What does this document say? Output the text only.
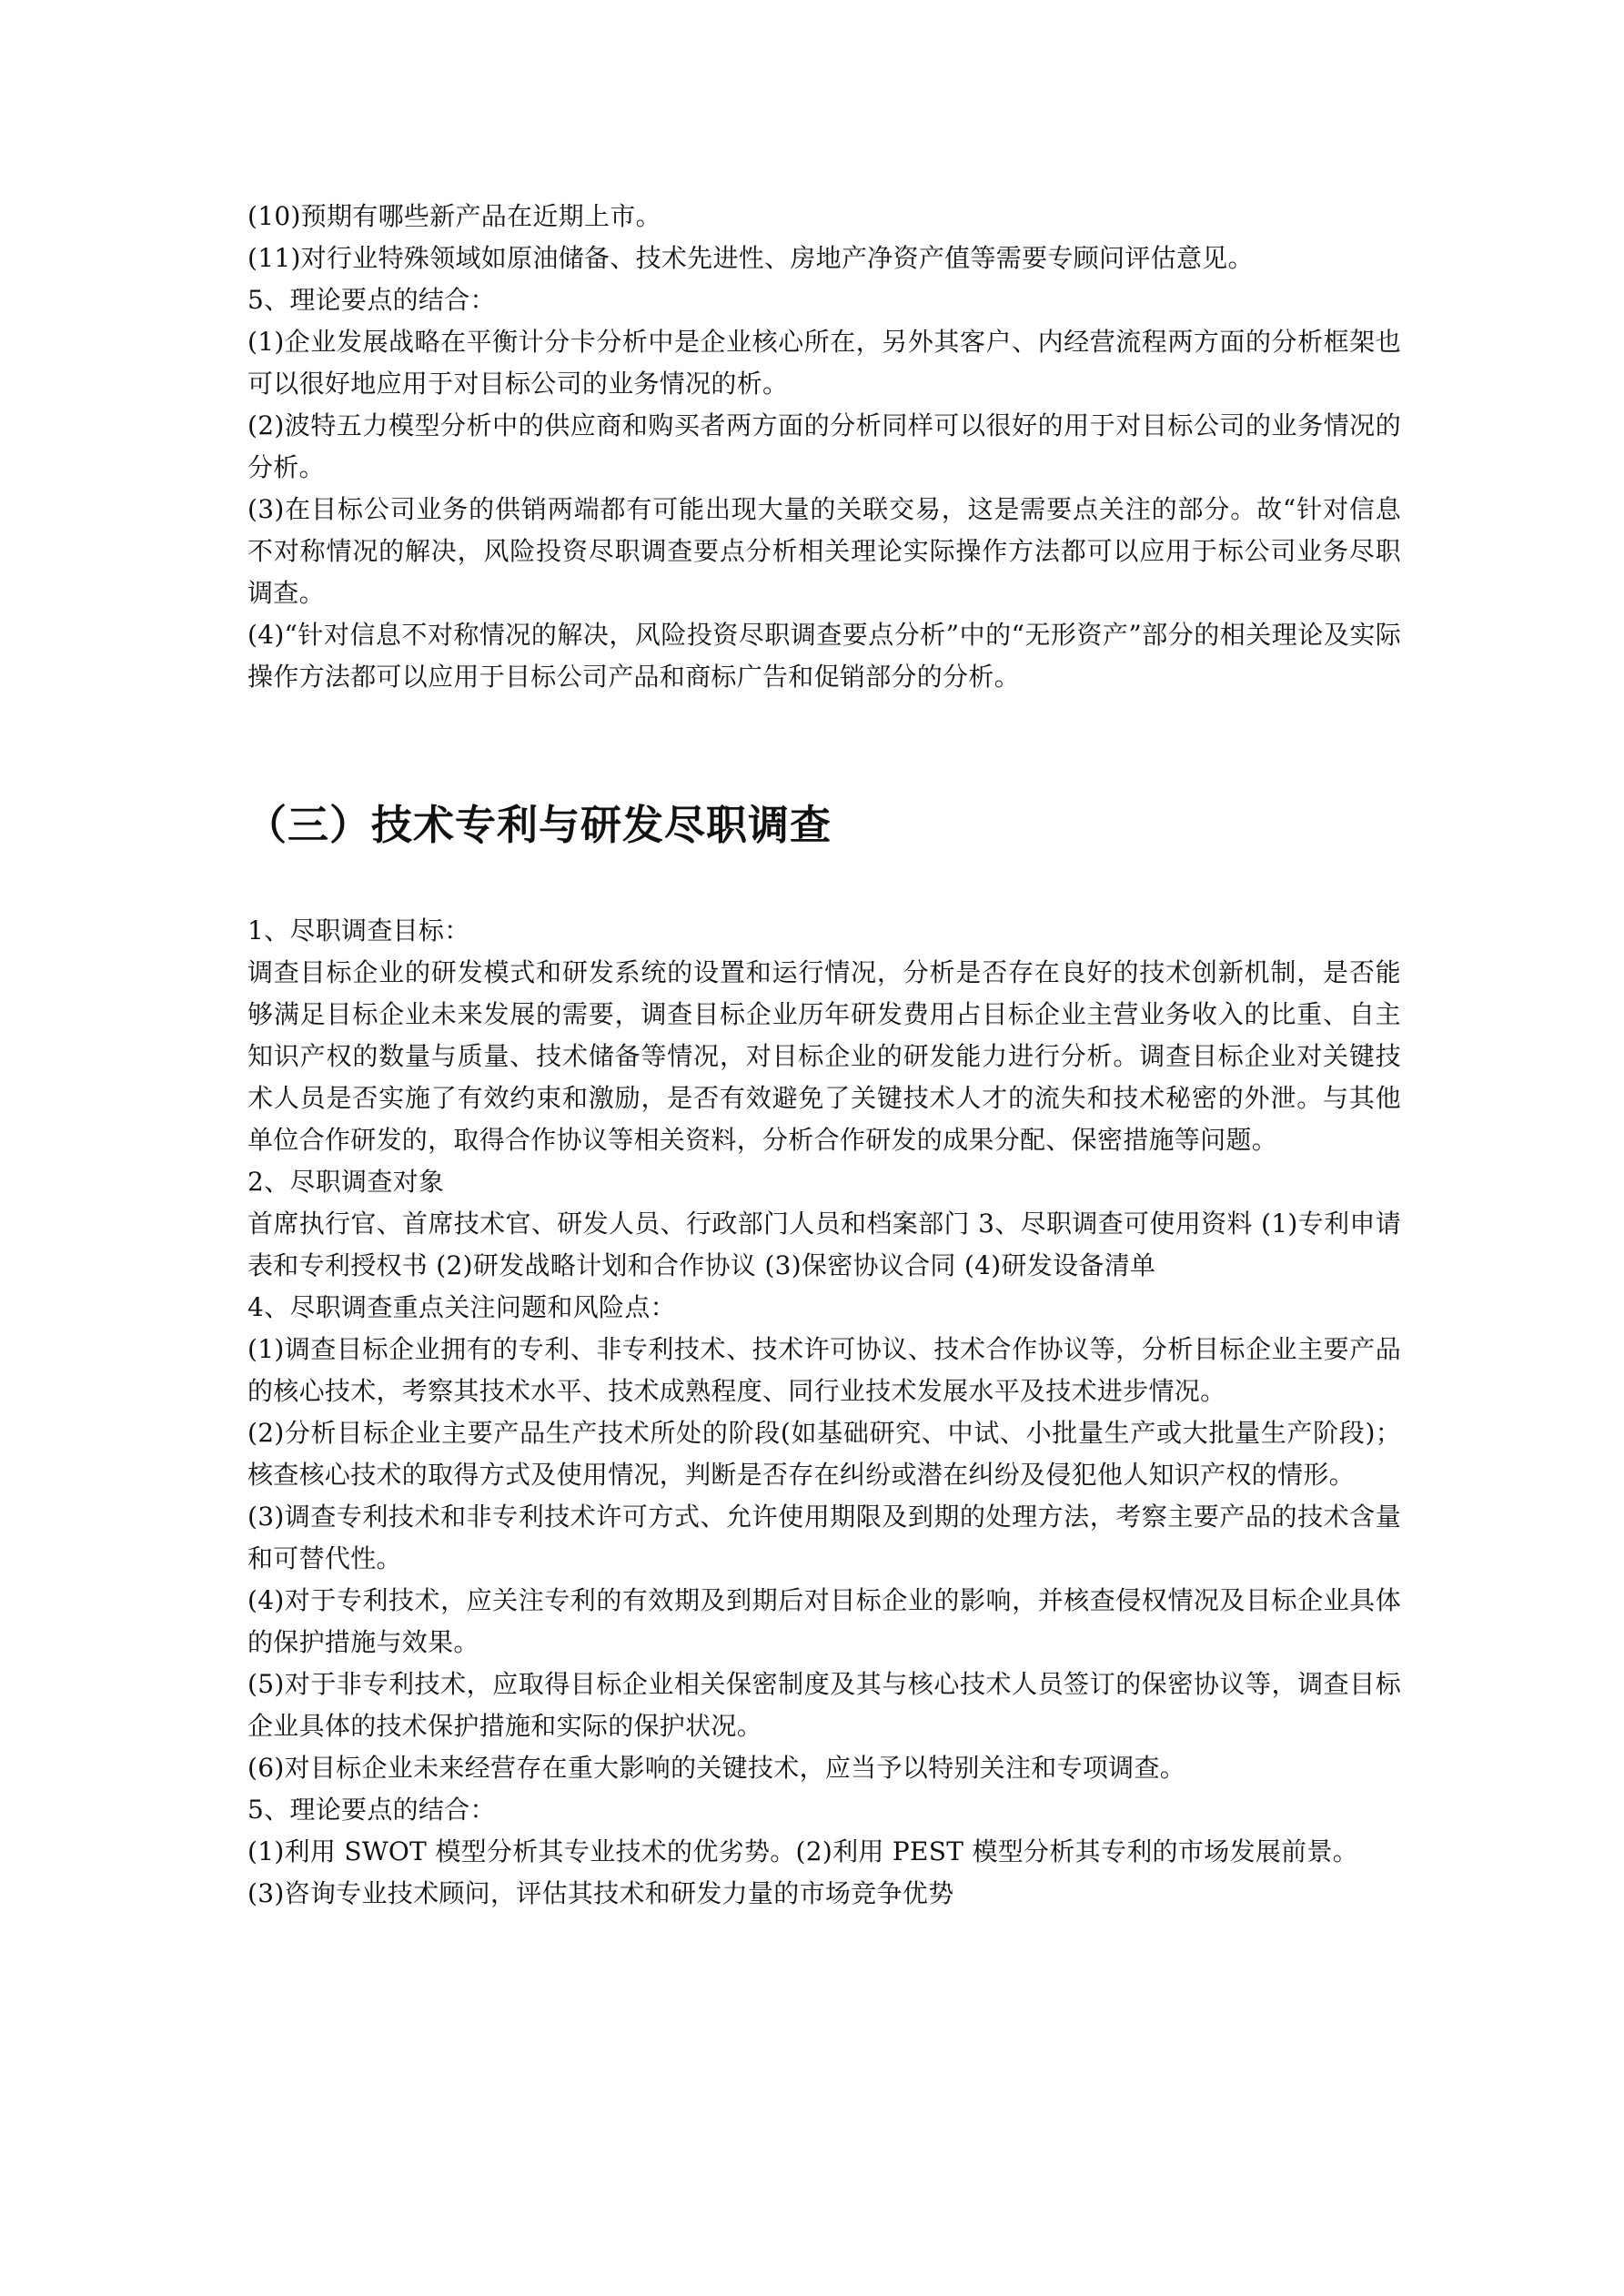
(10)预期有哪些新产品在近期上市。

(11)对行业特殊领域如原油储备、技术先进性、房地产净资产值等需要专顾问评估意见。

5、理论要点的结合：

(1)企业发展战略在平衡计分卡分析中是企业核心所在，另外其客户、内经营流程两方面的分析框架也可以很好地应用于对目标公司的业务情况的析。

(2)波特五力模型分析中的供应商和购买者两方面的分析同样可以很好的用于对目标公司的业务情况的分析。

(3)在目标公司业务的供销两端都有可能出现大量的关联交易，这是需要点关注的部分。故“针对信息不对称情况的解决，风险投资尽职调查要点分析相关理论实际操作方法都可以应用于标公司业务尽职调查。

(4)“针对信息不对称情况的解决，风险投资尽职调查要点分析”中的“无形资产”部分的相关理论及实际操作方法都可以应用于目标公司产品和商标广告和促销部分的分析。

（三）技术专利与研发尽职调查

1、尽职调查目标：

调查目标企业的研发模式和研发系统的设置和运行情况，分析是否存在良好的技术创新机制，是否能够满足目标企业未来发展的需要，调查目标企业历年研发费用占目标企业主营业务收入的比重、自主知识产权的数量与质量、技术储备等情况，对目标企业的研发能力进行分析。调查目标企业对关键技术人员是否实施了有效约束和激励，是否有效避免了关键技术人才的流失和技术秘密的外泄。与其他单位合作研发的，取得合作协议等相关资料，分析合作研发的成果分配、保密措施等问题。

2、尽职调查对象

首席执行官、首席技术官、研发人员、行政部门人员和档案部门 3、尽职调查可使用资料 (1)专利申请表和专利授权书 (2)研发战略计划和合作协议 (3)保密协议合同 (4)研发设备清单

4、尽职调查重点关注问题和风险点：

(1)调查目标企业拥有的专利、非专利技术、技术许可协议、技术合作协议等，分析目标企业主要产品的核心技术，考察其技术水平、技术成熟程度、同行业技术发展水平及技术进步情况。

(2)分析目标企业主要产品生产技术所处的阶段(如基础研究、中试、小批量生产或大批量生产阶段)；核查核心技术的取得方式及使用情况，判断是否存在纠纷或潜在纠纷及侵犯他人知识产权的情形。

(3)调查专利技术和非专利技术许可方式、允许使用期限及到期的处理方法，考察主要产品的技术含量和可替代性。

(4)对于专利技术，应关注专利的有效期及到期后对目标企业的影响，并核查侵权情况及目标企业具体的保护措施与效果。

(5)对于非专利技术，应取得目标企业相关保密制度及其与核心技术人员签订的保密协议等，调查目标企业具体的技术保护措施和实际的保护状况。

(6)对目标企业未来经营存在重大影响的关键技术，应当予以特别关注和专项调查。

5、理论要点的结合：

(1)利用 SWOT 模型分析其专业技术的优劣势。(2)利用 PEST 模型分析其专利的市场发展前景。

(3)咨询专业技术顾问，评估其技术和研发力量的市场竞争优势
